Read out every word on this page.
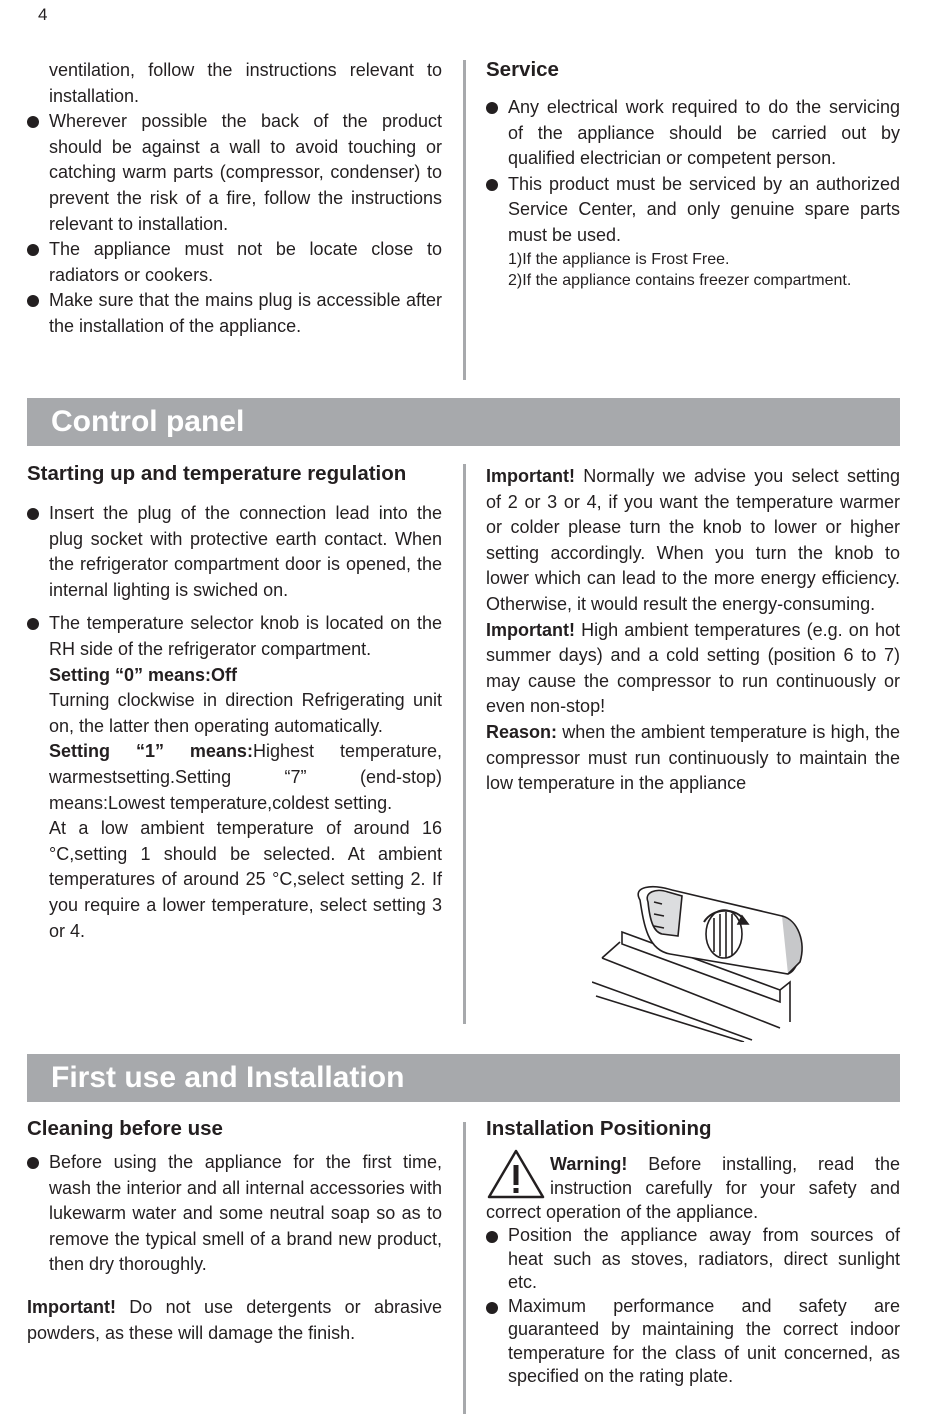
4
ventilation, follow the instructions relevant to installation.
Wherever possible the back of the product should be against a wall to avoid touching or catching warm parts (compressor, condenser) to prevent the risk of a fire, follow the instructions relevant to installation.
The appliance must not be locate close to radiators or cookers.
Make sure that the mains plug is accessible after the installation of the appliance.
Service
Any electrical work required to do the servicing of the appliance should be carried out by qualified electrician or competent person.
This product must be serviced by an authorized Service Center, and only genuine spare parts must be used.
1)If the appliance is Frost Free.
2)If the appliance contains freezer compartment.
Control panel
Starting up and temperature regulation
Insert the plug of the connection lead into the plug socket with protective earth contact. When the refrigerator compartment door is opened, the internal lighting is swiched on.
The temperature selector knob is located on the RH side of the refrigerator compartment.
Setting “0” means:Off
Turning clockwise in direction Refrigerating unit on, the latter then operating automatically.
Setting “1” means:Highest temperature, warmestsetting.Setting “7” (end-stop) means:Lowest temperature,coldest setting.
At a low ambient temperature of around 16 °C,setting 1 should be selected. At ambient temperatures of around 25 °C,select setting 2. If you require a lower temperature, select setting 3 or 4.
Important! Normally we advise you select setting of 2 or 3 or 4, if you want the temperature warmer or colder please turn the knob to lower or higher setting accordingly. When you turn the knob to lower which can lead to the more energy efficiency. Otherwise, it would result the energy-consuming.
Important! High ambient temperatures (e.g. on hot summer days) and a cold setting (position 6 to 7) may cause the compressor to run continuously or even non-stop!
Reason: when the ambient temperature is high, the compressor must run continuously to maintain the low temperature in the appliance
First use and Installation
Cleaning before use
Before using the appliance for the first time, wash the interior and all internal accessories with lukewarm water and some neutral soap so as to remove the typical smell of a brand new product, then dry thoroughly.
Important! Do not use detergents or abrasive powders, as these will damage the finish.
Installation Positioning
Warning! Before installing, read the instruction carefully for your safety and correct operation of the appliance.
Position the appliance away from sources of heat such as stoves, radiators, direct sunlight etc.
Maximum performance and safety are guaranteed by maintaining the correct indoor temperature for the class of unit concerned, as specified on the rating plate.
